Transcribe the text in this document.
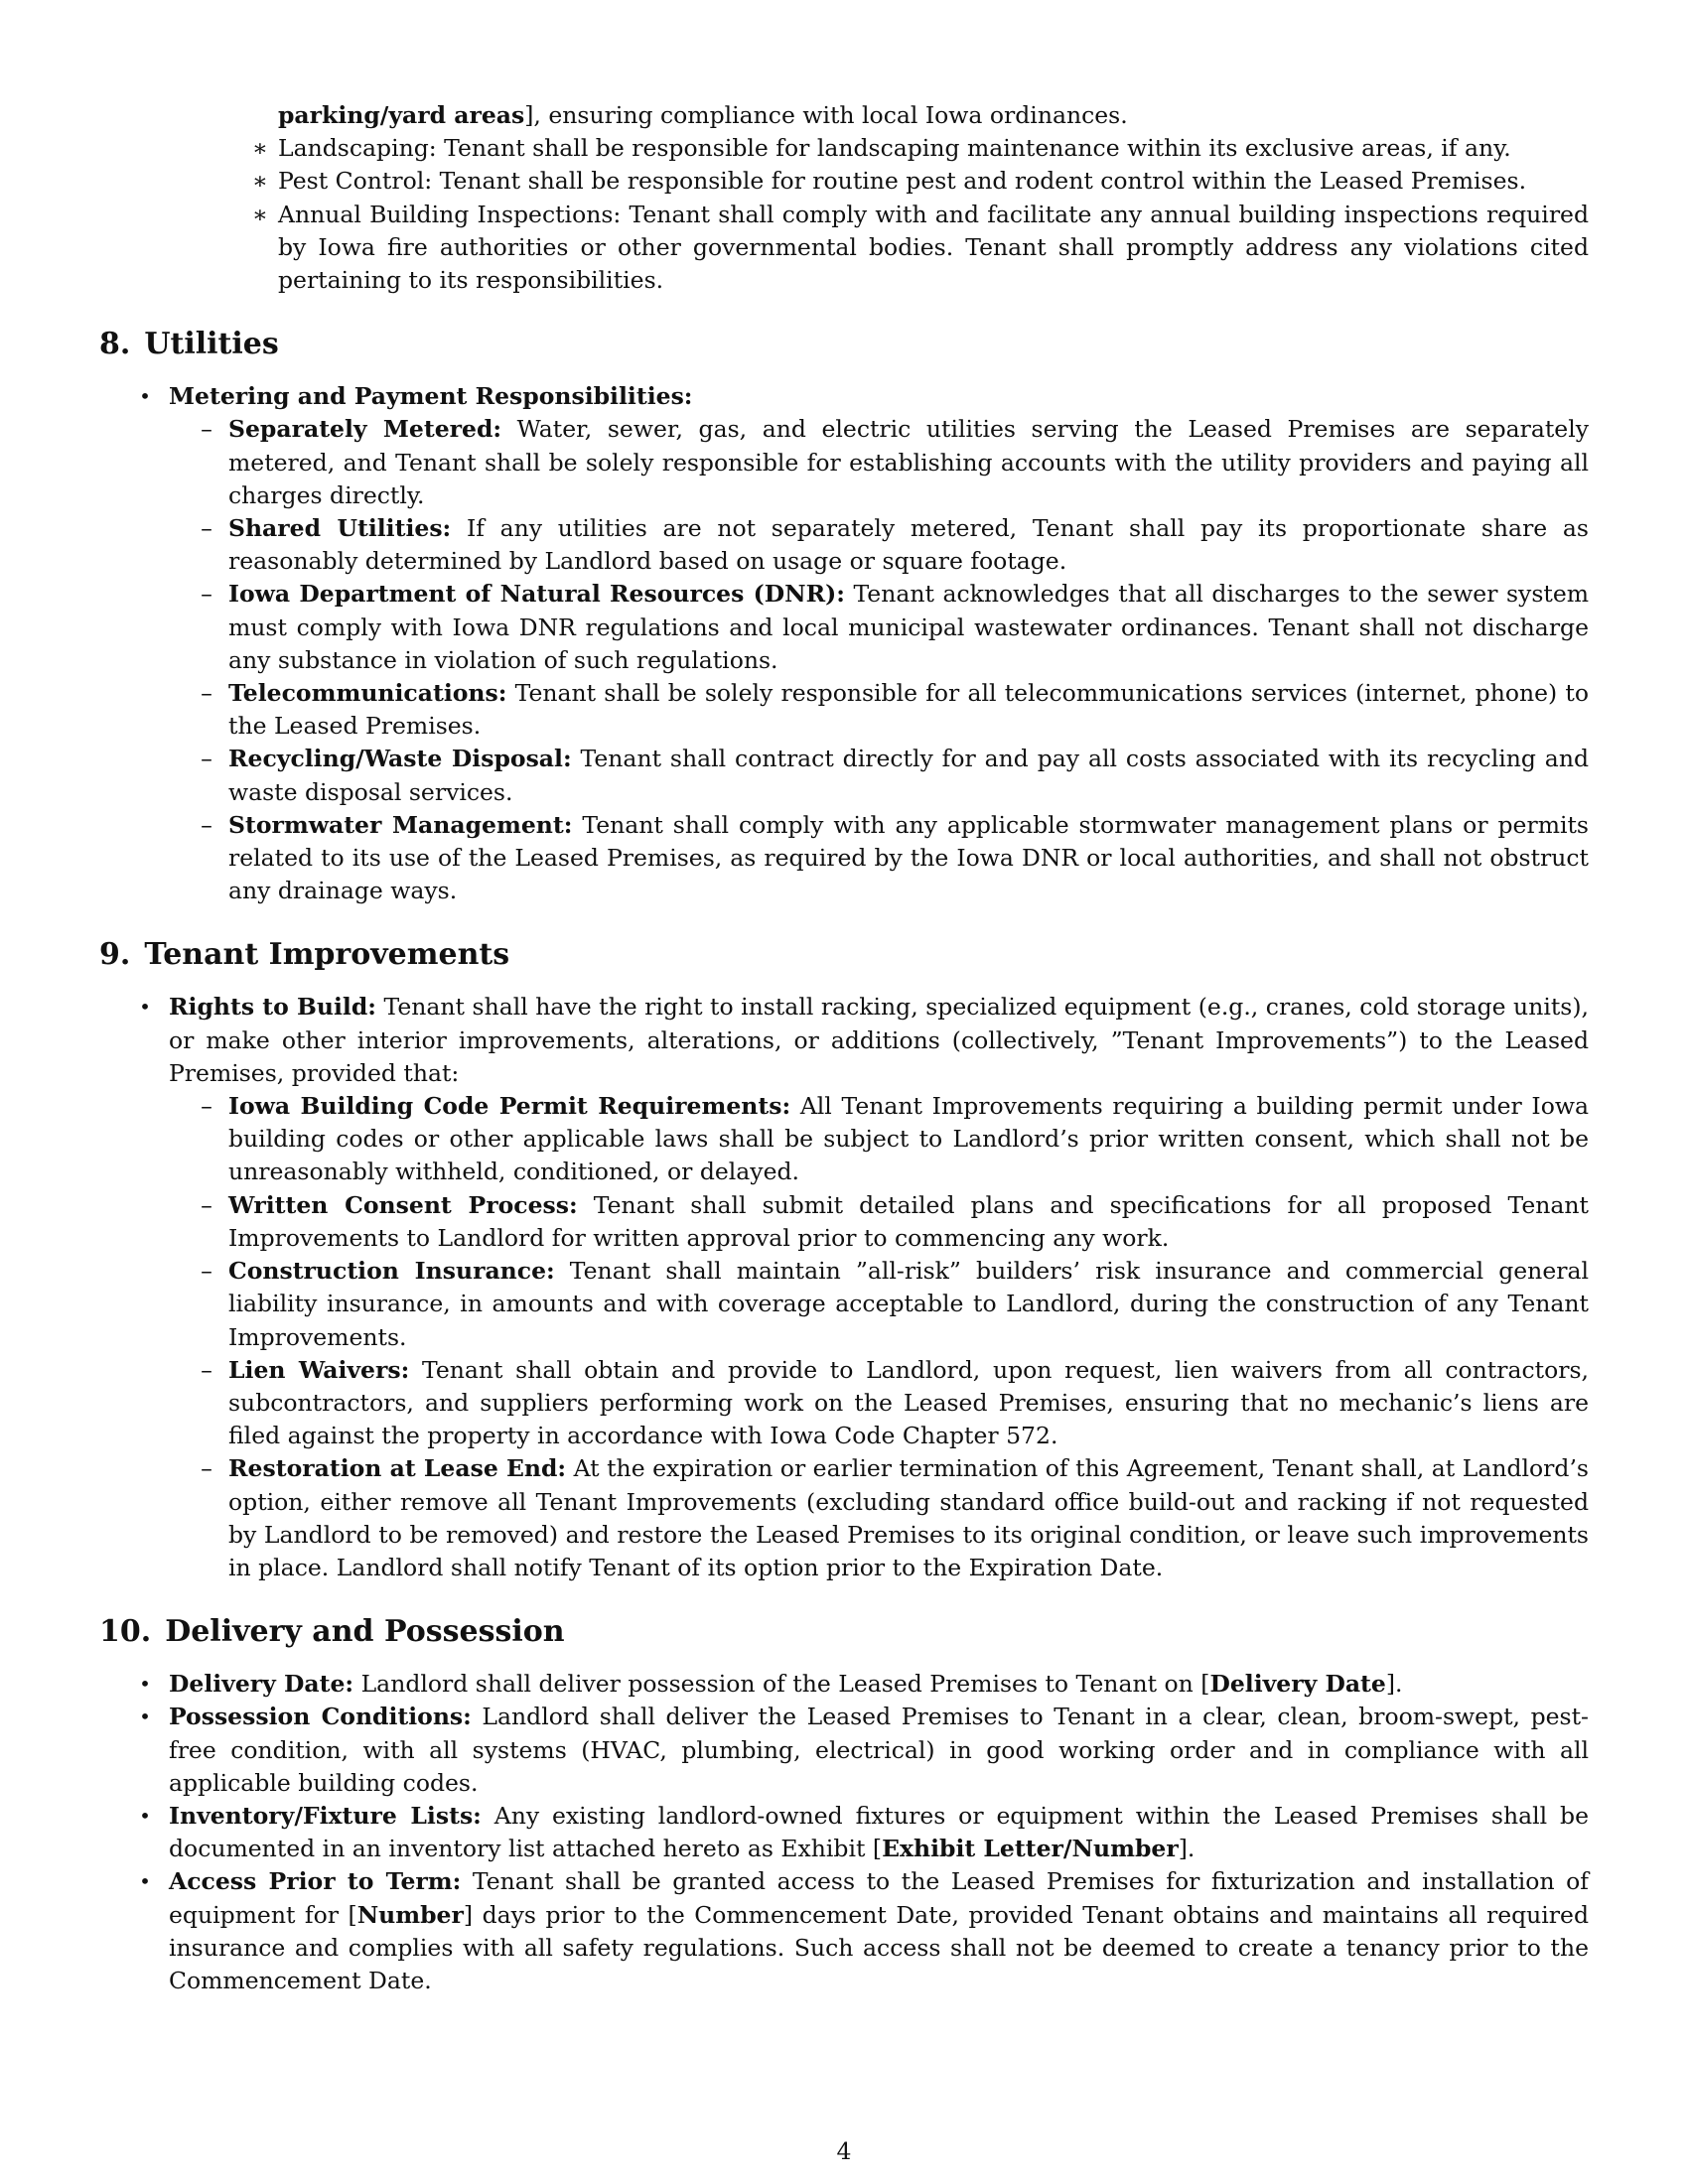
parking/yard areas], ensuring compliance with local Iowa ordinances.

∗ Landscaping: Tenant shall be responsible for landscaping maintenance within its exclusive areas, if any.

∗ Pest Control: Tenant shall be responsible for routine pest and rodent control within the Leased Premises.

∗ Annual Building Inspections: Tenant shall comply with and facilitate any annual building inspections required by Iowa fire authorities or other governmental bodies. Tenant shall promptly address any violations cited pertaining to its responsibilities.

8. Utilities

• Metering and Payment Responsibilities:

– Separately Metered: Water, sewer, gas, and electric utilities serving the Leased Premises are separately metered, and Tenant shall be solely responsible for establishing accounts with the utility providers and paying all charges directly.

– Shared Utilities: If any utilities are not separately metered, Tenant shall pay its proportionate share as reasonably determined by Landlord based on usage or square footage.

– Iowa Department of Natural Resources (DNR): Tenant acknowledges that all discharges to the sewer system must comply with Iowa DNR regulations and local municipal wastewater ordinances. Tenant shall not discharge any substance in violation of such regulations.

– Telecommunications: Tenant shall be solely responsible for all telecommunications services (internet, phone) to the Leased Premises.

– Recycling/Waste Disposal: Tenant shall contract directly for and pay all costs associated with its recycling and waste disposal services.

– Stormwater Management: Tenant shall comply with any applicable stormwater management plans or permits related to its use of the Leased Premises, as required by the Iowa DNR or local authorities, and shall not obstruct any drainage ways.

9. Tenant Improvements

• Rights to Build: Tenant shall have the right to install racking, specialized equipment (e.g., cranes, cold storage units), or make other interior improvements, alterations, or additions (collectively, ”Tenant Improvements”) to the Leased Premises, provided that:

– Iowa Building Code Permit Requirements: All Tenant Improvements requiring a building permit under Iowa building codes or other applicable laws shall be subject to Landlord’s prior written consent, which shall not be unreasonably withheld, conditioned, or delayed.

– Written Consent Process: Tenant shall submit detailed plans and specifications for all proposed Tenant Improvements to Landlord for written approval prior to commencing any work.

– Construction Insurance: Tenant shall maintain ”all-risk” builders’ risk insurance and commercial general liability insurance, in amounts and with coverage acceptable to Landlord, during the construction of any Tenant Improvements.

– Lien Waivers: Tenant shall obtain and provide to Landlord, upon request, lien waivers from all contractors, subcontractors, and suppliers performing work on the Leased Premises, ensuring that no mechanic’s liens are filed against the property in accordance with Iowa Code Chapter 572.

– Restoration at Lease End: At the expiration or earlier termination of this Agreement, Tenant shall, at Landlord’s option, either remove all Tenant Improvements (excluding standard office build-out and racking if not requested by Landlord to be removed) and restore the Leased Premises to its original condition, or leave such improvements in place. Landlord shall notify Tenant of its option prior to the Expiration Date.

10. Delivery and Possession

• Delivery Date: Landlord shall deliver possession of the Leased Premises to Tenant on [Delivery Date].

• Possession Conditions: Landlord shall deliver the Leased Premises to Tenant in a clear, clean, broom-swept, pest-free condition, with all systems (HVAC, plumbing, electrical) in good working order and in compliance with all applicable building codes.

• Inventory/Fixture Lists: Any existing landlord-owned fixtures or equipment within the Leased Premises shall be documented in an inventory list attached hereto as Exhibit [Exhibit Letter/Number].

• Access Prior to Term: Tenant shall be granted access to the Leased Premises for fixturization and installation of equipment for [Number] days prior to the Commencement Date, provided Tenant obtains and maintains all required insurance and complies with all safety regulations. Such access shall not be deemed to create a tenancy prior to the Commencement Date.

4
